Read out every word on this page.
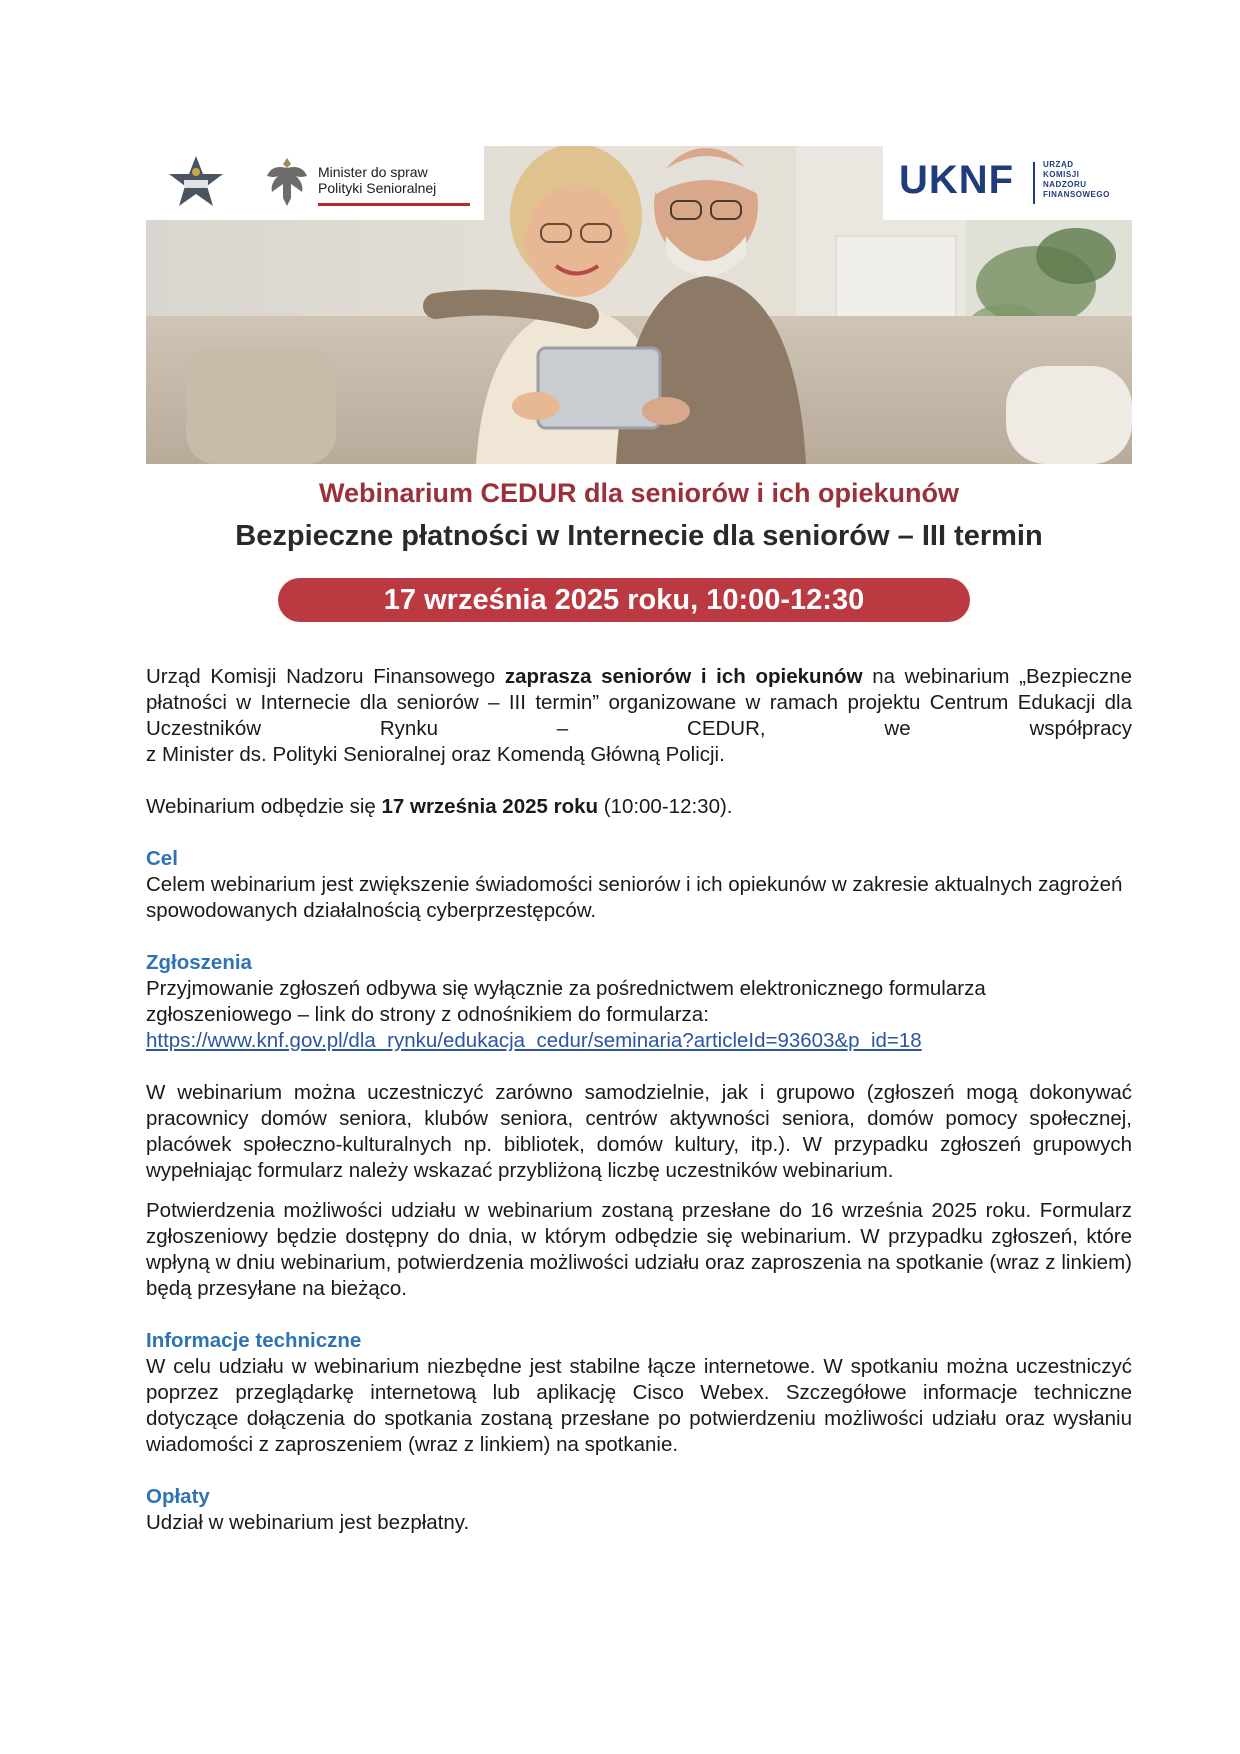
Minister do spraw
Polityki Senioralnej	UKNF	URZĄD
KOMISJI
NADZORU
FINANSOWEGO
Webinarium CEDUR dla seniorów i ich opiekunów
Bezpieczne płatności w Internecie dla seniorów – III termin
17 września 2025 roku, 10:00-12:30

Urząd Komisji Nadzoru Finansowego zaprasza seniorów i ich opiekunów na webinarium „Bezpieczne płatności w Internecie dla seniorów – III termin” organizowane w ramach projektu Centrum Edukacji dla Uczestników Rynku – CEDUR, we współpracy

z Minister ds. Polityki Senioralnej oraz Komendą Główną Policji.

Webinarium odbędzie się 17 września 2025 roku (10:00-12:30).

Cel

Celem webinarium jest zwiększenie świadomości seniorów i ich opiekunów w zakresie aktualnych zagrożeń spowodowanych działalnością cyberprzestępców.

Zgłoszenia

Przyjmowanie zgłoszeń odbywa się wyłącznie za pośrednictwem elektronicznego formularza zgłoszeniowego – link do strony z odnośnikiem do formularza:

https://www.knf.gov.pl/dla_rynku/edukacja_cedur/seminaria?articleId=93603&p_id=18

W webinarium można uczestniczyć zarówno samodzielnie, jak i grupowo (zgłoszeń mogą dokonywać pracownicy domów seniora, klubów seniora, centrów aktywności seniora, domów pomocy społecznej, placówek społeczno-kulturalnych np. bibliotek, domów kultury, itp.). W przypadku zgłoszeń grupowych wypełniając formularz należy wskazać przybliżoną liczbę uczestników webinarium.

Potwierdzenia możliwości udziału w webinarium zostaną przesłane do 16 września 2025 roku. Formularz zgłoszeniowy będzie dostępny do dnia, w którym odbędzie się webinarium. W przypadku zgłoszeń, które wpłyną w dniu webinarium, potwierdzenia możliwości udziału oraz zaproszenia na spotkanie (wraz z linkiem) będą przesyłane na bieżąco.

Informacje techniczne

W celu udziału w webinarium niezbędne jest stabilne łącze internetowe. W spotkaniu można uczestniczyć poprzez przeglądarkę internetową lub aplikację Cisco Webex. Szczegółowe informacje techniczne dotyczące dołączenia do spotkania zostaną przesłane po potwierdzeniu możliwości udziału oraz wysłaniu wiadomości z zaproszeniem (wraz z linkiem) na spotkanie.

Opłaty

Udział w webinarium jest bezpłatny.
